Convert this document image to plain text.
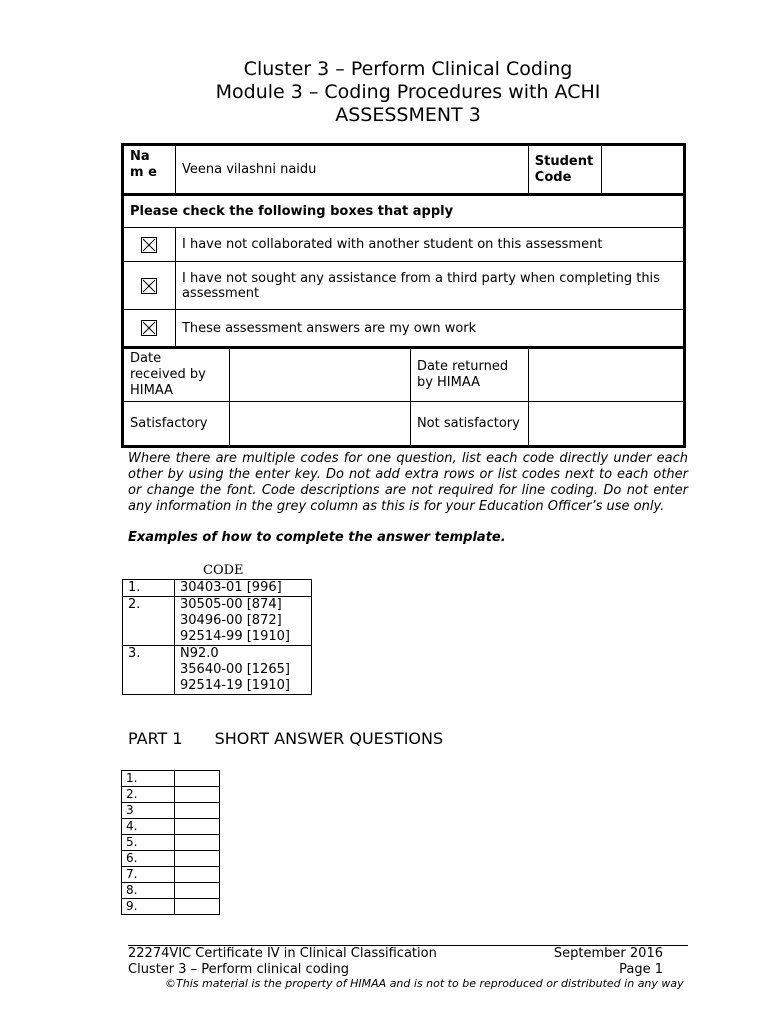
Cluster 3 – Perform Clinical Coding
Module 3 – Coding Procedures with ACHI
ASSESSMENT 3
Nam e	Veena vilashni naidu			Student Code	
Please check the following boxes that apply					

	I have not collaborated with another student on this assessment				

	I have not sought any assistance from a third party when completing this assessment				

	These assessment answers are my own work				

Date received by HIMAA			Date returned by HIMAA		

Satisfactory			Not satisfactory		
Where there are multiple codes for one question, list each code directly under each other by using the enter key. Do not add extra rows or list codes next to each other or change the font. Code descriptions are not required for line coding. Do not enter any information in the grey column as this is for your Education Officer’s use only.
Examples of how to complete the answer template.
CODE
1.	30403-01 [996]

2.	30505-00 [874]
30496-00 [872]
92514-99 [1910]

3.	N92.0
35640-00 [1265]
92514-19 [1910]
PART 1 SHORT ANSWER QUESTIONS
1.	
2.	
3	
4.	
5.	
6.	
7.	
8.	
9.	
22274VIC Certificate IV in Clinical Classification	September 2016
Cluster 3 – Perform clinical coding	Page 1
©This material is the property of HIMAA and is not to be reproduced or distributed in any way
